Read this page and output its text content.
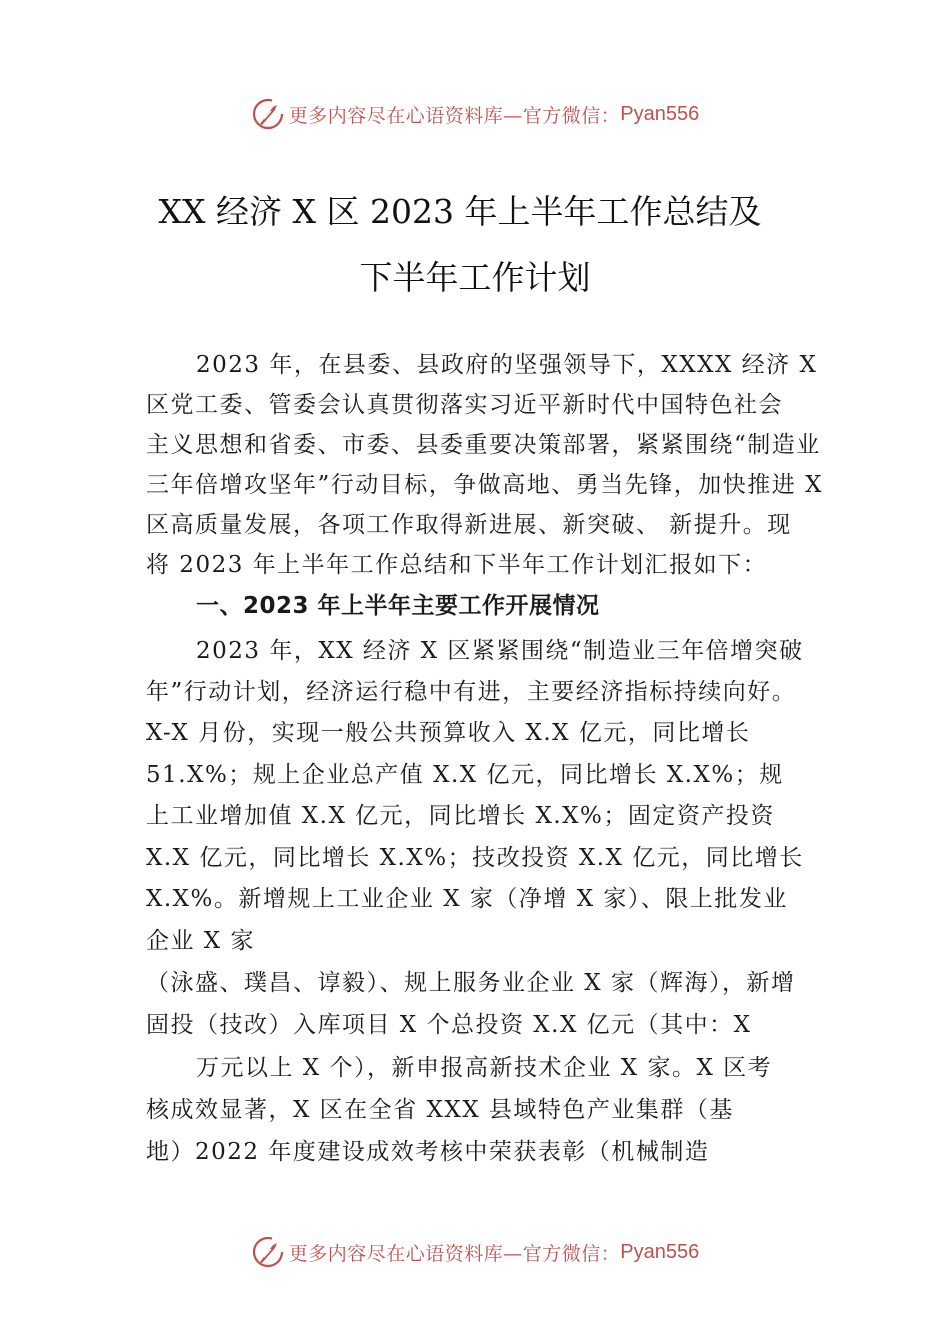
更多内容尽在心语资料库—官方微信： Pyan556
XX 经济 X 区 2023 年上半年工作总结及
下半年工作计划
2023 年，在县委、县政府的坚强领导下，XXXX 经济 X
区党工委、管委会认真贯彻落实习近平新时代中国特色社会
主义思想和省委、市委、县委重要决策部署，紧紧围绕“制造业
三年倍增攻坚年”行动目标，争做高地、勇当先锋，加快推进 X
区高质量发展，各项工作取得新进展、新突破、 新提升。现
将 2023 年上半年工作总结和下半年工作计划汇报如下：
一、2023 年上半年主要工作开展情况
2023 年，XX 经济 X 区紧紧围绕“制造业三年倍增突破
年”行动计划，经济运行稳中有进，主要经济指标持续向好。
X-X 月份，实现一般公共预算收入 X.X 亿元，同比增长
51.X%；规上企业总产值 X.X 亿元，同比增长 X.X%；规
上工业增加值 X.X 亿元，同比增长 X.X%；固定资产投资
X.X 亿元，同比增长 X.X%；技改投资 X.X 亿元，同比增长
X.X%。新增规上工业企业 X 家（净增 X 家）、限上批发业
企业 X 家
（泳盛、璞昌、谆毅）、规上服务业企业 X 家（辉海），新增
固投（技改）入库项目 X 个总投资 X.X 亿元（其中：X
万元以上 X 个），新申报高新技术企业 X 家。X 区考
核成效显著，X 区在全省 XXX 县域特色产业集群（基
地）2022 年度建设成效考核中荣获表彰（机械制造
更多内容尽在心语资料库—官方微信： Pyan556
